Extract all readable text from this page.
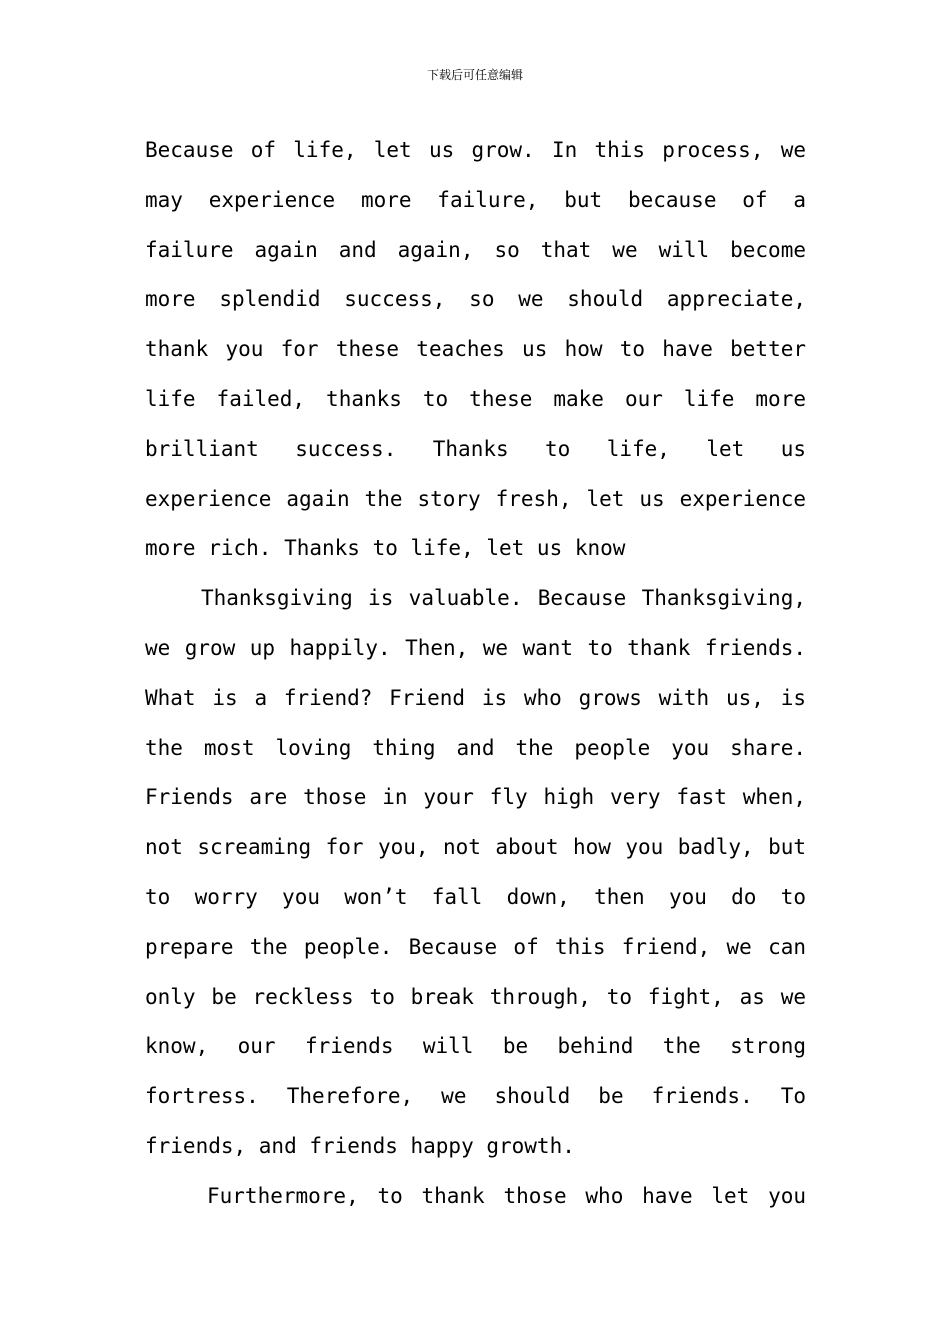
下载后可任意编辑
Because of life, let us grow. In this process, we
may experience more failure, but because of a
failure again and again, so that we will become
more splendid success, so we should appreciate,
thank you for these teaches us how to have better
life failed, thanks to these make our life more
brilliant success. Thanks to life, let us
experience again the story fresh, let us experience
more rich. Thanks to life, let us know
Thanksgiving is valuable. Because Thanksgiving,
we grow up happily. Then, we want to thank friends.
What is a friend? Friend is who grows with us, is
the most loving thing and the people you share.
Friends are those in your fly high very fast when,
not screaming for you, not about how you badly, but
to worry you won’t fall down, then you do to
prepare the people. Because of this friend, we can
only be reckless to break through, to fight, as we
know, our friends will be behind the strong
fortress. Therefore, we should be friends. To
friends, and friends happy growth.
Furthermore, to thank those who have let you
